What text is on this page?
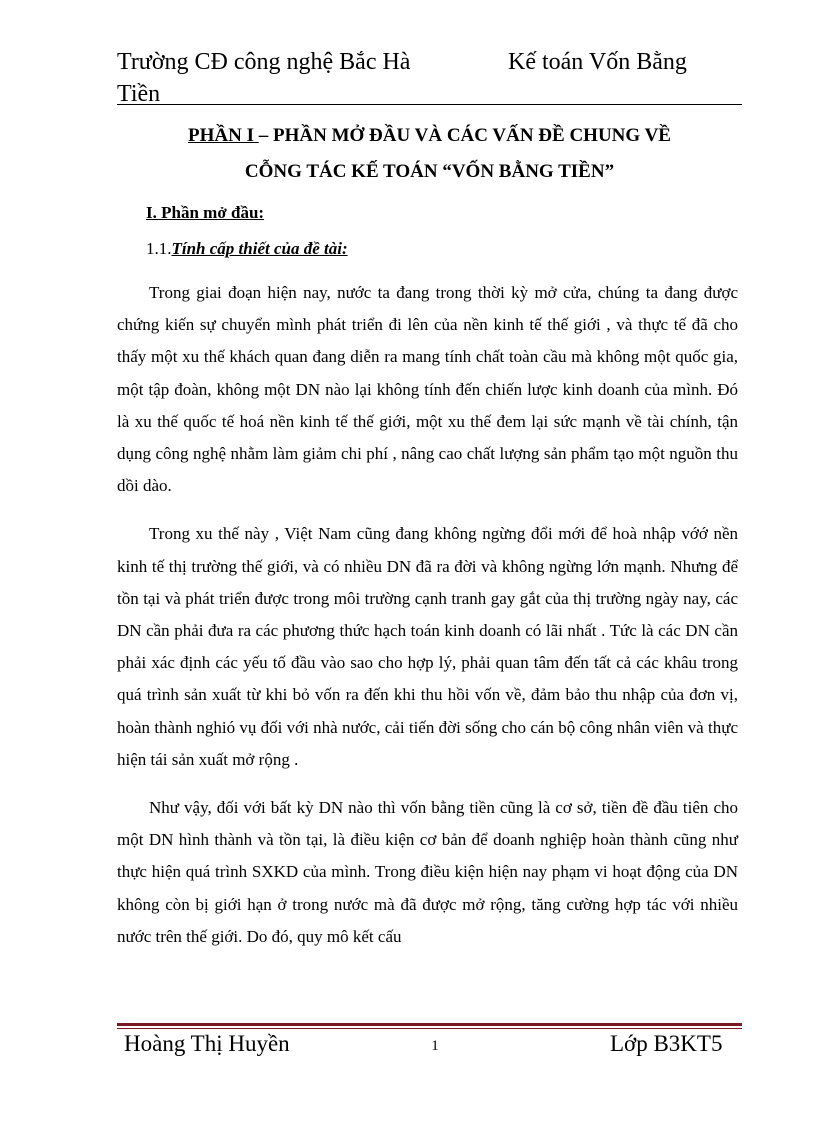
Trường CĐ công nghệ Bắc Hà
Tiền
Kế toán Vốn Bằng
PHẦN I – PHẦN MỞ ĐẦU VÀ CÁC VẤN ĐỀ CHUNG VỀ
CỖNG TÁC KẾ TOÁN “VỐN BẰNG TIỀN”
I. Phần mở đầu:
1.1.Tính cấp thiết của đề tài:

Trong giai đoạn hiện nay, nước ta đang trong thời kỳ mở cửa, chúng ta đang được chứng kiến sự chuyển mình phát triển đi lên của nền kinh tế thế giới , và thực tế đã cho thấy một xu thế khách quan đang diễn ra mang tính chất toàn cầu mà không một quốc gia, một tập đoàn, không một DN nào lại không tính đến chiến lược kinh doanh của mình. Đó là xu thế quốc tế hoá nền kinh tế thế giới, một xu thế đem lại sức mạnh về tài chính, tận dụng công nghệ nhằm làm giảm chi phí , nâng cao chất lượng sản phẩm tạo một nguồn thu dồi dào.

Trong xu thế này , Việt Nam cũng đang không ngừng đổi mới để hoà nhập vớớ nền kinh tế thị trường thế giới, và có nhiều DN đã ra đời và không ngừng lớn mạnh. Nhưng để tồn tại và phát triển được trong môi trường cạnh tranh gay gắt của thị trường ngày nay, các DN cần phải đưa ra các phương thức hạch toán kinh doanh có lãi nhất . Tức là các DN cần phải xác định các yếu tố đầu vào sao cho hợp lý, phải quan tâm đến tất cả các khâu trong quá trình sản xuất từ khi bỏ vốn ra đến khi thu hồi vốn về, đảm bảo thu nhập của đơn vị, hoàn thành nghió vụ đối với nhà nước, cải tiến đời sống cho cán bộ công nhân viên và thực hiện tái sản xuất mở rộng .

Như vậy, đối với bất kỳ DN nào thì vốn bằng tiền cũng là cơ sở, tiền đề đầu tiên cho một DN hình thành và tồn tại, là điều kiện cơ bản để doanh nghiệp hoàn thành cũng như thực hiện quá trình SXKD của mình. Trong điều kiện hiện nay phạm vi hoạt động của DN không còn bị giới hạn ở trong nước mà đã được mở rộng, tăng cường hợp tác với nhiều nước trên thế giới. Do đó, quy mô kết cấu

Hoàng Thị Huyền	1	Lớp B3KT5
